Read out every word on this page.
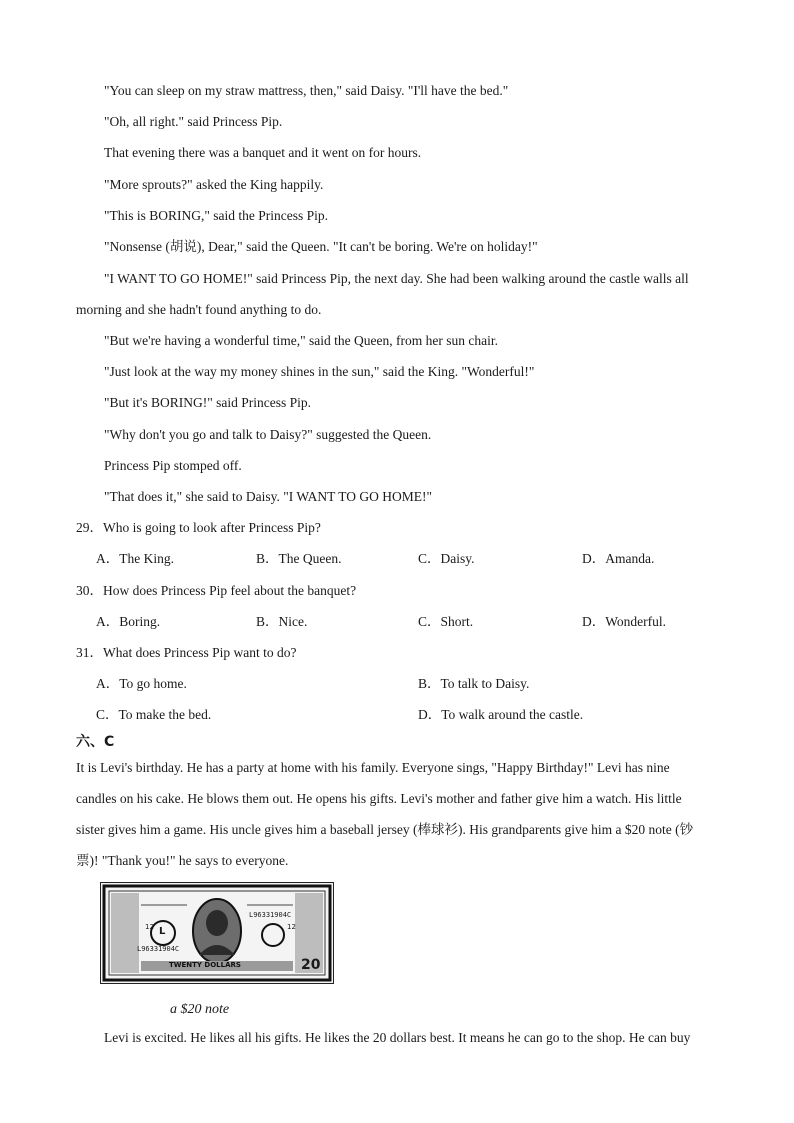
"You can sleep on my straw mattress, then," said Daisy. "I'll have the bed."
"Oh, all right." said Princess Pip.
That evening there was a banquet and it went on for hours.
"More sprouts?" asked the King happily.
"This is BORING," said the Princess Pip.
"Nonsense (胡说), Dear," said the Queen. "It can't be boring. We're on holiday!"
"I WANT TO GO HOME!" said Princess Pip, the next day. She had been walking around the castle walls all
morning and she hadn't found anything to do.
"But we're having a wonderful time," said the Queen, from her sun chair.
"Just look at the way my money shines in the sun," said the King. "Wonderful!"
"But it's BORING!" said Princess Pip.
"Why don't you go and talk to Daisy?" suggested the Queen.
Princess Pip stomped off.
"That does it," she said to Daisy. "I WANT TO GO HOME!"
29．Who is going to look after Princess Pip?
A．The King.	B．The Queen.	C．Daisy.	D．Amanda.
30．How does Princess Pip feel about the banquet?
A．Boring.	B．Nice.	C．Short.	D．Wonderful.
31．What does Princess Pip want to do?
A．To go home.	B．To talk to Daisy.
C．To make the bed.	D．To walk around the castle.
六、C
It is Levi's birthday. He has a party at home with his family. Everyone sings, "Happy Birthday!" Levi has nine
candles on his cake. He blows them out. He opens his gifts. Levi's mother and father give him a watch. His little
sister gives him a game. His uncle gives him a baseball jersey (棒球衫). His grandparents give him a $20 note (钞
票)! "Thank you!" he says to everyone.
L96331904C
L96331904C
12	12
L
20
TWENTY DOLLARS
a $20 note
Levi is excited. He likes all his gifts. He likes the 20 dollars best. It means he can go to the shop. He can buy
